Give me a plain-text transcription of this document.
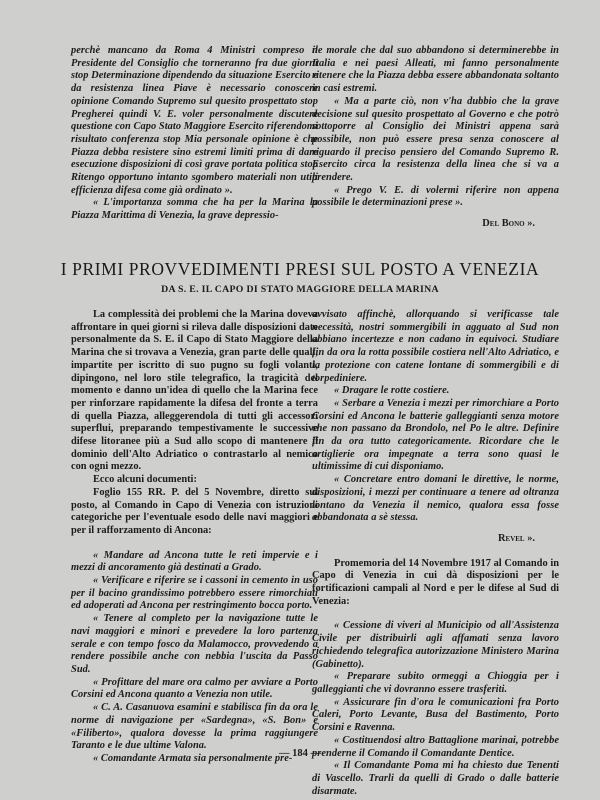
perchè mancano da Roma 4 Ministri compreso il Presidente del Consiglio che torneranno fra due giorni stop Determinazione dipendendo da situazione Esercito e da resistenza linea Piave è necessario conoscere opinione Comando Supremo sul quesito prospettato stop Pregherei quindi V. E. voler personalmente discutere questione con Capo Stato Maggiore Esercito riferendomi risultato conferenza stop Mia personale opinione è che Piazza debba resistere sino estremi limiti prima di dare esecuzione disposizioni di così grave portata politica stop Ritengo opportuno intanto sgombero materiali non utili efficienza difesa come già ordinato ».

« L'importanza somma che ha per la Marina la Piazza Marittima di Venezia, la grave depressio-

ne morale che dal suo abbandono si determinerebbe in Italia e nei paesi Alleati, mi fanno personalmente ritenere che la Piazza debba essere abbandonata soltanto in casi estremi.

« Ma a parte ciò, non v'ha dubbio che la grave decisione sul quesito prospettato al Governo e che potrò sottoporre al Consiglio dei Ministri appena sarà possibile, non può essere presa senza conoscere al riguardo il preciso pensiero del Comando Supremo R. Esercito circa la resistenza della linea che si va a prendere.

« Prego V. E. di volermi riferire non appena possibile le determinazioni prese ».

Del Bono ».

I PRIMI PROVVEDIMENTI PRESI SUL POSTO A VENEZIA
DA S. E. IL CAPO DI STATO MAGGIORE DELLA MARINA

La complessità dei problemi che la Marina doveva affrontare in quei giorni si rileva dalle disposizioni date personalmente da S. E. il Capo di Stato Maggiore della Marina che si trovava a Venezia, gran parte delle quali, impartite per iscritto di suo pugno su fogli volanti, dipingono, nel loro stile telegrafico, la tragicità del momento e danno un'idea di quello che la Marina fece per rinforzare rapidamente la difesa del fronte a terra di quella Piazza, alleggerendola di tutti gli accessori superflui, preparando tempestivamente le successive difese litoranee più a Sud allo scopo di mantenere il dominio dell'Alto Adriatico o contrastarlo al nemico con ogni mezzo.

Ecco alcuni documenti:

Foglio 155 RR. P. del 5 Novembre, diretto sul posto, al Comando in Capo di Venezia con istruzioni categoriche per l'eventuale esodo delle navi maggiori e per il rafforzamento di Ancona:

« Mandare ad Ancona tutte le reti impervie e i mezzi di ancoramento già destinati a Grado.

« Verificare e riferire se i cassoni in cemento in uso per il bacino grandissimo potrebbero essere rimorchiati ed adoperati ad Ancona per restringimento bocca porto.

« Tenere al completo per la navigazione tutte le navi maggiori e minori e prevedere la loro partenza serale e con tempo fosco da Malamocco, provvedendo a rendere possibile anche con nebbia l'uscita da Passo Sud.

« Profittare del mare ora calmo per avviare a Porto Corsini ed Ancona quanto a Venezia non utile.

« C. A. Casanuova esamini e stabilisca fin da ora le norme di navigazione per «Sardegna», «S. Bon» e «Filiberto», qualora dovesse la prima raggiungere Taranto e le due ultime Valona.

« Comandante Armata sia personalmente pre-

avvisato affinchè, allorquando si verificasse tale necessità, nostri sommergibili in agguato al Sud non abbiano incertezze e non cadano in equivoci. Studiare fin da ora la rotta possibile costiera nell'Alto Adriatico, e la protezione con catene lontane di sommergibili e di torpediniere.

« Dragare le rotte costiere.

« Serbare a Venezia i mezzi per rimorchiare a Porto Corsini ed Ancona le batterie galleggianti senza motore che non passano da Brondolo, nel Po le altre. Definire fin da ora tutto categoricamente. Ricordare che le artiglierie ora impegnate a terra sono quasi le ultimissime di cui disponiamo.

« Concretare entro domani le direttive, le norme, disposizioni, i mezzi per continuare a tenere ad oltranza lontano da Venezia il nemico, qualora essa fosse abbandonata a sè stessa.

Revel ».

Promemoria del 14 Novembre 1917 al Comando in Capo di Venezia in cui dà disposizioni per le fortificazioni campali al Nord e per le difese al Sud di Venezia:

« Cessione di viveri al Municipio od all'Assistenza Civile per distribuirli agli affamati senza lavoro richiedendo telegrafica autorizzazione Ministero Marina (Gabinetto).

« Preparare subito ormeggi a Chioggia per i galleggianti che vi dovranno essere trasferiti.

« Assicurare fin d'ora le comunicazioni fra Porto Caleri, Porto Levante, Busa del Bastimento, Porto Corsini e Ravenna.

« Costituendosi altro Battaglione marinai, potrebbe prenderne il Comando il Comandante Dentice.

« Il Comandante Poma mi ha chiesto due Tenenti di Vascello. Trarli da quelli di Grado o dalle batterie disarmate.

— 184 —
